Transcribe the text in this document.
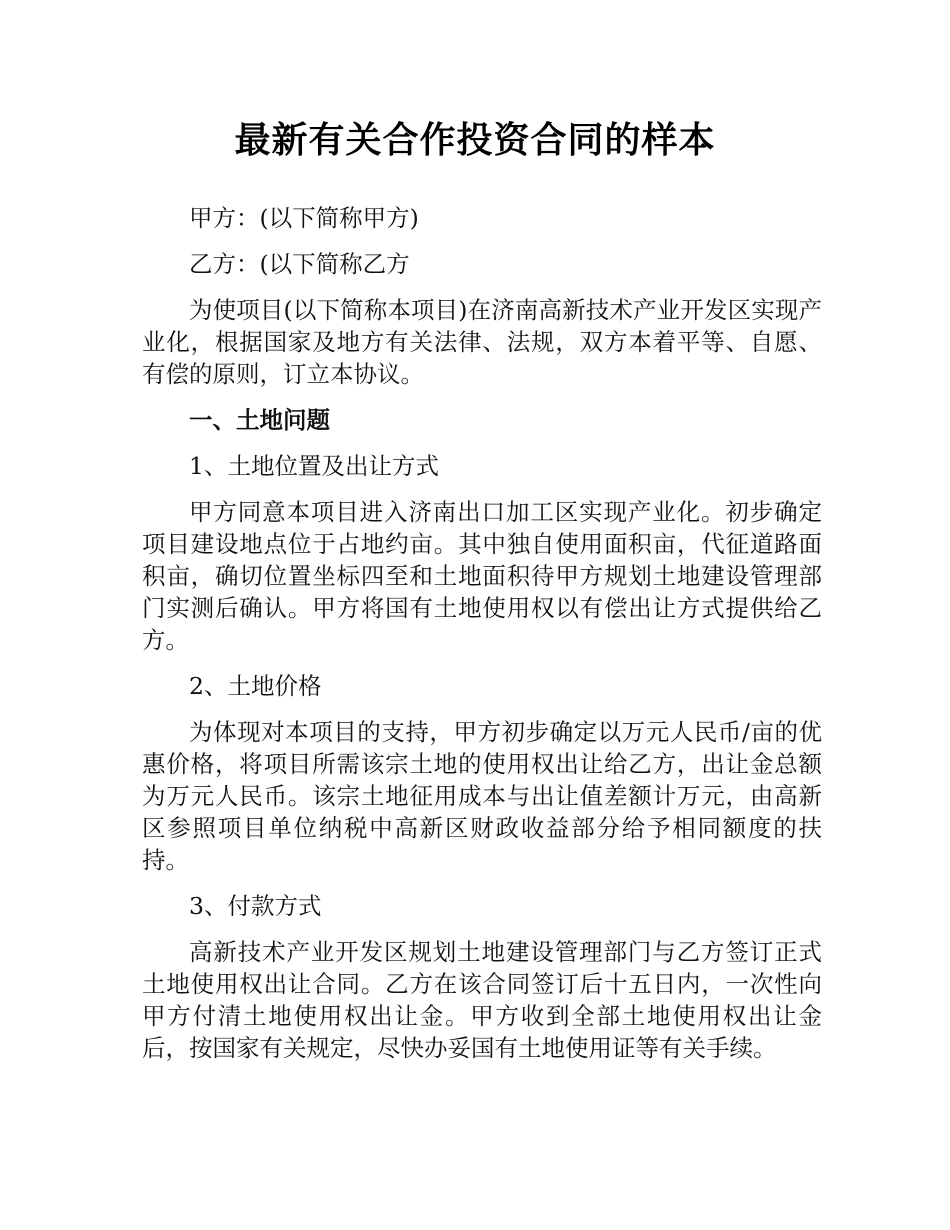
最新有关合作投资合同的样本

甲方：(以下简称甲方)

乙方：(以下简称乙方

为使项目(以下简称本项目)在济南高新技术产业开发区实现产业化，根据国家及地方有关法律、法规，双方本着平等、自愿、有偿的原则，订立本协议。

一、土地问题

1、土地位置及出让方式

甲方同意本项目进入济南出口加工区实现产业化。初步确定项目建设地点位于占地约亩。其中独自使用面积亩，代征道路面积亩，确切位置坐标四至和土地面积待甲方规划土地建设管理部门实测后确认。甲方将国有土地使用权以有偿出让方式提供给乙方。

2、土地价格

为体现对本项目的支持，甲方初步确定以万元人民币/亩的优惠价格，将项目所需该宗土地的使用权出让给乙方，出让金总额为万元人民币。该宗土地征用成本与出让值差额计万元，由高新区参照项目单位纳税中高新区财政收益部分给予相同额度的扶持。

3、付款方式

高新技术产业开发区规划土地建设管理部门与乙方签订正式土地使用权出让合同。乙方在该合同签订后十五日内，一次性向甲方付清土地使用权出让金。甲方收到全部土地使用权出让金后，按国家有关规定，尽快办妥国有土地使用证等有关手续。
